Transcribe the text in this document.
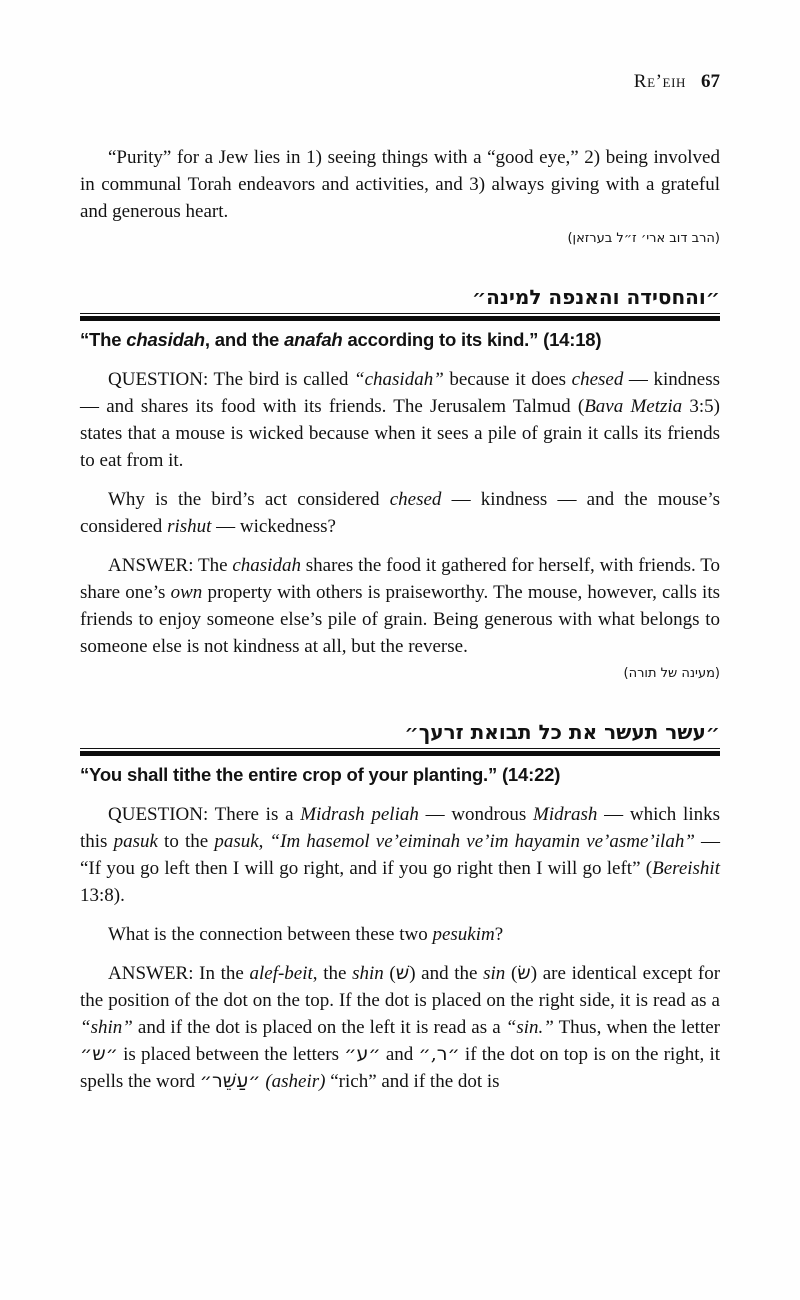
Re’eih 67

“Purity” for a Jew lies in 1) seeing things with a “good eye,” 2) being involved in communal Torah endeavors and activities, and 3) always giving with a grateful and generous heart.

(הרב דוב ארי׳ ז״ל בערזאן)
״והחסידה והאנפה למינה״
“The chasidah, and the anafah according to its kind.” (14:18)

QUESTION: The bird is called “chasidah” because it does chesed — kindness — and shares its food with its friends. The Jerusalem Talmud (Bava Metzia 3:5) states that a mouse is wicked because when it sees a pile of grain it calls its friends to eat from it.

Why is the bird’s act considered chesed — kindness — and the mouse’s considered rishut — wickedness?

ANSWER: The chasidah shares the food it gathered for herself, with friends. To share one’s own property with others is praiseworthy. The mouse, however, calls its friends to enjoy someone else’s pile of grain. Being generous with what belongs to someone else is not kindness at all, but the reverse.

(מעינה של תורה)
״עשר תעשר את כל תבואת זרעך״
“You shall tithe the entire crop of your planting.” (14:22)

QUESTION: There is a Midrash peliah — wondrous Midrash — which links this pasuk to the pasuk, “Im hasemol ve’eiminah ve’im hayamin ve’asme’ilah” — “If you go left then I will go right, and if you go right then I will go left” (Bereishit 13:8).

What is the connection between these two pesukim?

ANSWER: In the alef-beit, the shin (שׁ) and the sin (שׂ) are identical except for the position of the dot on the top. If the dot is placed on the right side, it is read as a “shin” and if the dot is placed on the left it is read as a “sin.” Thus, when the letter ״ש״ is placed between the letters ״ע״ and ״ר,״ if the dot on top is on the right, it spells the word ״עַשֵּׁר״ (asheir) “rich” and if the dot is
